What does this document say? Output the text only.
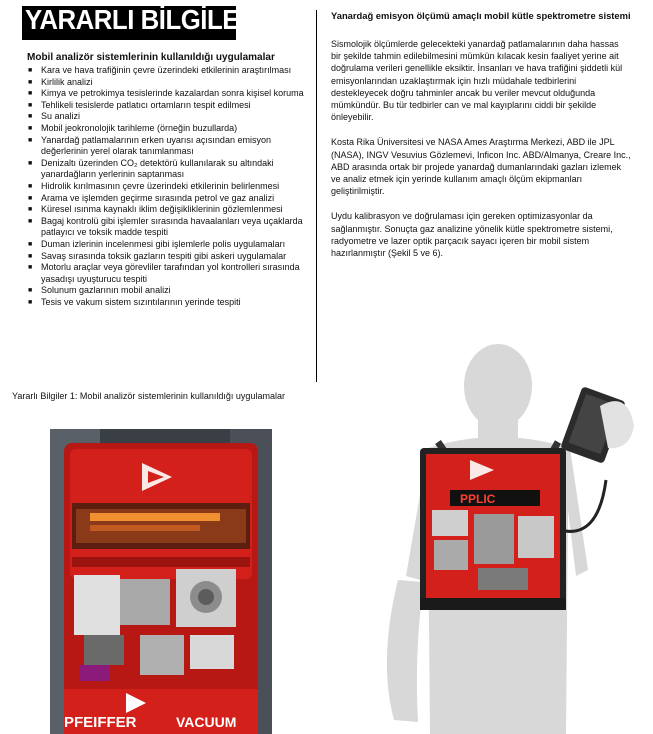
YARARLI BİLGİLER
Mobil analizör sistemlerinin kullanıldığı uygulamalar
■ Kara ve hava trafiğinin çevre üzerindeki etkilerinin araştırılması
■ Kirlilik analizi
■ Kimya ve petrokimya tesislerinde kazalardan sonra kişisel koruma
■ Tehlikeli tesislerde patlatıcı ortamların tespit edilmesi
■ Su analizi
■ Mobil jeokronolojik tarihleme (örneğin buzullarda)
■ Yanardağ patlamalarının erken uyarısı açısından emisyon değerlerinin yerel olarak tanımlanması
■ Denizaltı üzerinden CO₂ detektörü kullanılarak su altındaki yanardağların yerlerinin saptanması
■ Hidrolik kırılmasının çevre üzerindeki etkilerinin belirlenmesi
■ Arama ve işlemden geçirme sırasında petrol ve gaz analizi
■ Küresel ısınma kaynaklı iklim değişikliklerinin gözlemlenmesi
■ Bagaj kontrolü gibi işlemler sırasında havaalanları veya uçaklarda patlayıcı ve toksik madde tespiti
■ Duman izlerinin incelenmesi gibi işlemlerle polis uygulamaları
■ Savaş sırasında toksik gazların tespiti gibi askeri uygulamalar
■ Motorlu araçlar veya görevliler tarafından yol kontrolleri sırasında yasadışı uyuşturucu tespiti
■ Solunum gazlarının mobil analizi
■ Tesis ve vakum sistem sızıntılarının yerinde tespiti
Yanardağ emisyon ölçümü amaçlı mobil kütle spektrometre sistemi

Sismolojik ölçümlerde gelecekteki yanardağ patlamalarının daha hassas bir şekilde tahmin edilebilmesini mümkün kılacak kesin faaliyet yerine ait doğrulama verileri genellikle eksiktir. İnsanları ve hava trafiğini şiddetli kül emisyonlarından uzaklaştırmak için hızlı müdahale tedbirlerini destekleyecek doğru tahminler ancak bu veriler mevcut olduğunda mümkündür. Bu tür tedbirler can ve mal kayıplarını ciddi bir şekilde önleyebilir.

Kosta Rika Üniversitesi ve NASA Ames Araştırma Merkezi, ABD ile JPL (NASA), INGV Vesuvius Gözlemevi, Inficon Inc. ABD/Almanya, Creare Inc., ABD arasında ortak bir projede yanardağ dumanlarındaki gazları izlemek ve analiz etmek için yerinde kullanım amaçlı ölçüm ekipmanları geliştirilmiştir.

Uydu kalibrasyon ve doğrulaması için gereken optimizasyonlar da sağlanmıştır. Sonuçta gaz analizine yönelik kütle spektrometre sistemi, radyometre ve lazer optik parçacık sayacı içeren bir mobil sistem hazırlanmıştır (Şekil 5 ve 6).

Yararlı Bilgiler 1: Mobil analizör sistemlerinin kullanıldığı uygulamalar
PFEIFFER	VACUUM
PPLIC
